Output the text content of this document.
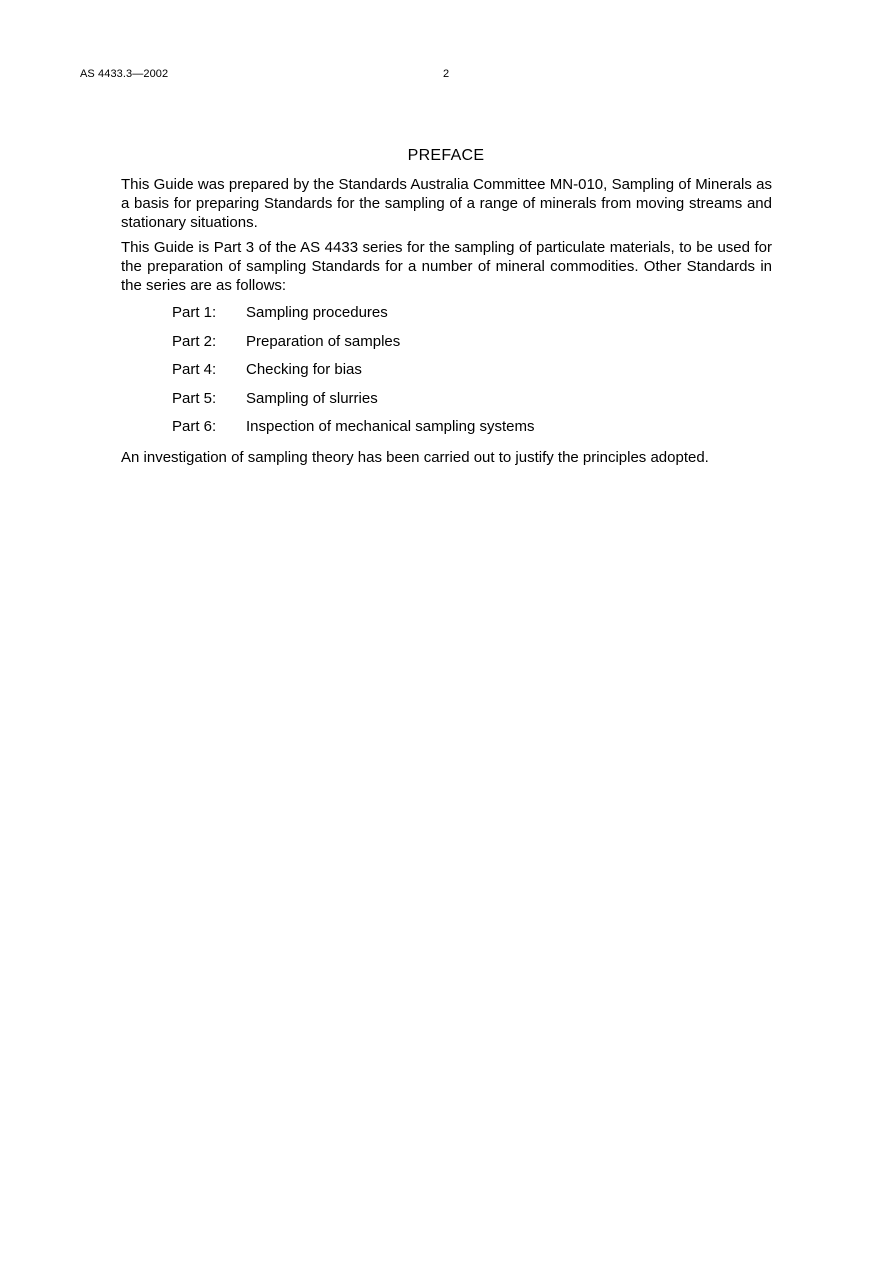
AS 4433.3—2002	2
PREFACE

This Guide was prepared by the Standards Australia Committee MN-010, Sampling of Minerals as a basis for preparing Standards for the sampling of a range of minerals from moving streams and stationary situations.

This Guide is Part 3 of the AS 4433 series for the sampling of particulate materials, to be used for the preparation of sampling Standards for a number of mineral commodities. Other Standards in the series are as follows:

Part 1:	Sampling procedures
Part 2:	Preparation of samples
Part 4:	Checking for bias
Part 5:	Sampling of slurries
Part 6:	Inspection of mechanical sampling systems

An investigation of sampling theory has been carried out to justify the principles adopted.
